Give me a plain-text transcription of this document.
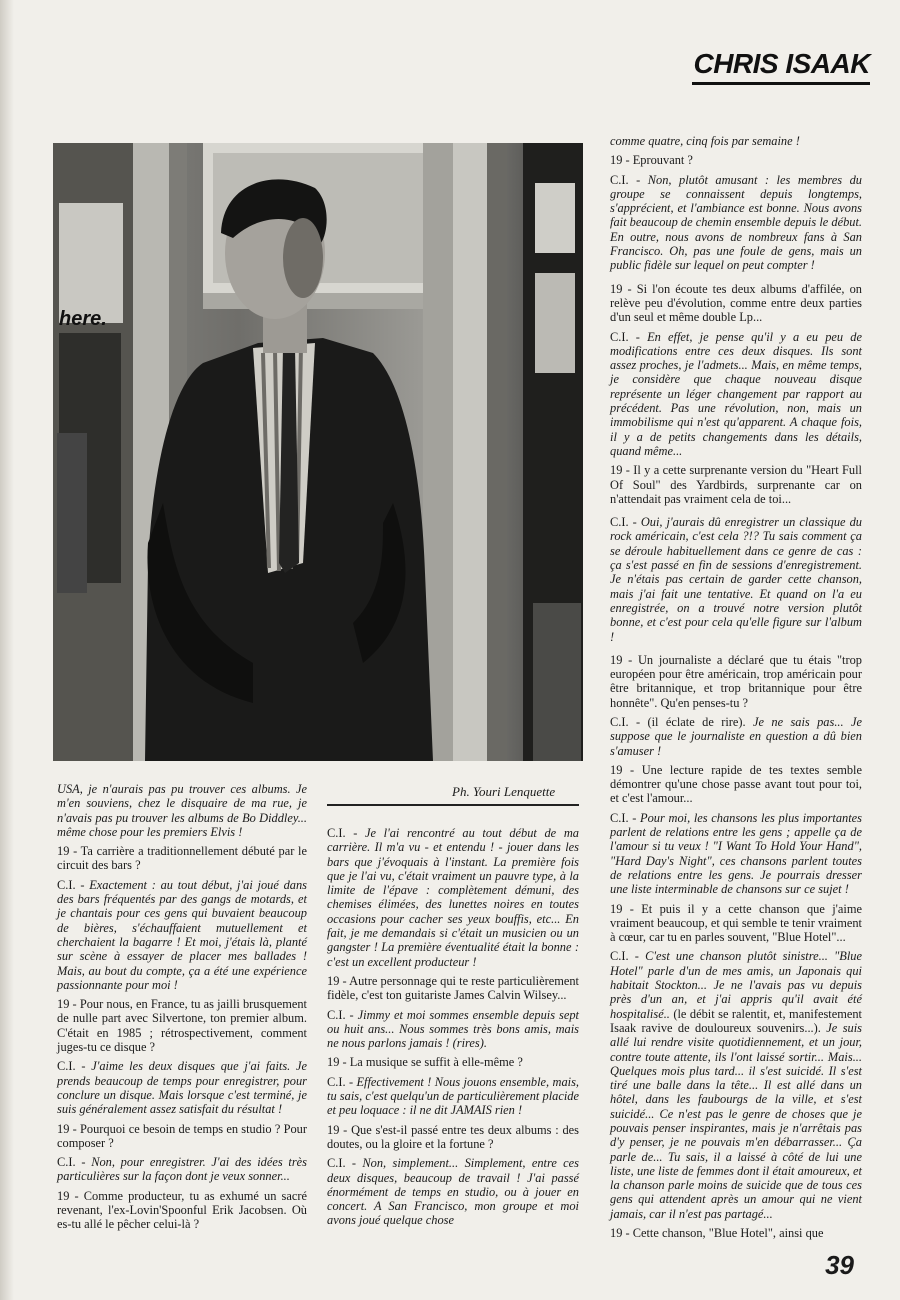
CHRIS ISAAK
here.
Ph. Youri Lenquette

USA, je n'aurais pas pu trouver ces albums. Je m'en souviens, chez le disquaire de ma rue, je n'avais pas pu trouver les albums de Bo Diddley... même chose pour les premiers Elvis !

19 - Ta carrière a traditionnellement débuté par le circuit des bars ?

C.I. - Exactement : au tout début, j'ai joué dans des bars fréquentés par des gangs de motards, et je chantais pour ces gens qui buvaient beaucoup de bières, s'échauffaient mutuellement et cherchaient la bagarre ! Et moi, j'étais là, planté sur scène à essayer de placer mes ballades ! Mais, au bout du compte, ça a été une expérience passionnante pour moi !

19 - Pour nous, en France, tu as jailli brusquement de nulle part avec Silvertone, ton premier album. C'était en 1985 ; rétrospectivement, comment juges-tu ce disque ?

C.I. - J'aime les deux disques que j'ai faits. Je prends beaucoup de temps pour enregistrer, pour conclure un disque. Mais lorsque c'est terminé, je suis généralement assez satisfait du résultat !

19 - Pourquoi ce besoin de temps en studio ? Pour composer ?

C.I. - Non, pour enregistrer. J'ai des idées très particulières sur la façon dont je veux sonner...

19 - Comme producteur, tu as exhumé un sacré revenant, l'ex-Lovin'Spoonful Erik Jacobsen. Où es-tu allé le pêcher celui-là ?

C.I. - Je l'ai rencontré au tout début de ma carrière. Il m'a vu - et entendu ! - jouer dans les bars que j'évoquais à l'instant. La première fois que je l'ai vu, c'était vraiment un pauvre type, à la limite de l'épave : complètement démuni, des chemises élimées, des lunettes noires en toutes occasions pour cacher ses yeux bouffis, etc... En fait, je me demandais si c'était un musicien ou un gangster ! La première éventualité était la bonne : c'est un excellent producteur !

19 - Autre personnage qui te reste particulièrement fidèle, c'est ton guitariste James Calvin Wilsey...

C.I. - Jimmy et moi sommes ensemble depuis sept ou huit ans... Nous sommes très bons amis, mais ne nous parlons jamais ! (rires).

19 - La musique se suffit à elle-même ?

C.I. - Effectivement ! Nous jouons ensemble, mais, tu sais, c'est quelqu'un de particulièrement placide et peu loquace : il ne dit JAMAIS rien !

19 - Que s'est-il passé entre tes deux albums : des doutes, ou la gloire et la fortune ?

C.I. - Non, simplement... Simplement, entre ces deux disques, beaucoup de travail ! J'ai passé énormément de temps en studio, ou à jouer en concert. A San Francisco, mon groupe et moi avons joué quelque chose

comme quatre, cinq fois par semaine !

19 - Eprouvant ?

C.I. - Non, plutôt amusant : les membres du groupe se connaissent depuis longtemps, s'apprécient, et l'ambiance est bonne. Nous avons fait beaucoup de chemin ensemble depuis le début. En outre, nous avons de nombreux fans à San Francisco. Oh, pas une foule de gens, mais un public fidèle sur lequel on peut compter !

19 - Si l'on écoute tes deux albums d'affilée, on relève peu d'évolution, comme entre deux parties d'un seul et même double Lp...

C.I. - En effet, je pense qu'il y a eu peu de modifications entre ces deux disques. Ils sont assez proches, je l'admets... Mais, en même temps, je considère que chaque nouveau disque représente un léger changement par rapport au précédent. Pas une révolution, non, mais un immobilisme qui n'est qu'apparent. A chaque fois, il y a de petits changements dans les détails, quand même...

19 - Il y a cette surprenante version du "Heart Full Of Soul" des Yardbirds, surprenante car on n'attendait pas vraiment cela de toi...

C.I. - Oui, j'aurais dû enregistrer un classique du rock américain, c'est cela ?!? Tu sais comment ça se déroule habituellement dans ce genre de cas : ça s'est passé en fin de sessions d'enregistrement. Je n'étais pas certain de garder cette chanson, mais j'ai fait une tentative. Et quand on l'a eu enregistrée, on a trouvé notre version plutôt bonne, et c'est pour cela qu'elle figure sur l'album !

19 - Un journaliste a déclaré que tu étais "trop européen pour être américain, trop américain pour être britannique, et trop britannique pour être honnête". Qu'en penses-tu ?

C.I. - (il éclate de rire). Je ne sais pas... Je suppose que le journaliste en question a dû bien s'amuser !

19 - Une lecture rapide de tes textes semble démontrer qu'une chose passe avant tout pour toi, et c'est l'amour...

C.I. - Pour moi, les chansons les plus importantes parlent de relations entre les gens ; appelle ça de l'amour si tu veux ! "I Want To Hold Your Hand", "Hard Day's Night", ces chansons parlent toutes de relations entre les gens. Je pourrais dresser une liste interminable de chansons sur ce sujet !

19 - Et puis il y a cette chanson que j'aime vraiment beaucoup, et qui semble te tenir vraiment à cœur, car tu en parles souvent, "Blue Hotel"...

C.I. - C'est une chanson plutôt sinistre... "Blue Hotel" parle d'un de mes amis, un Japonais qui habitait Stockton... Je ne l'avais pas vu depuis près d'un an, et j'ai appris qu'il avait été hospitalisé.. (le débit se ralentit, et, manifestement Isaak ravive de douloureux souvenirs...). Je suis allé lui rendre visite quotidiennement, et un jour, contre toute attente, ils l'ont laissé sortir... Mais... Quelques mois plus tard... il s'est suicidé. Il s'est tiré une balle dans la tête... Il est allé dans un hôtel, dans les faubourgs de la ville, et s'est suicidé... Ce n'est pas le genre de choses que je pouvais penser inspirantes, mais je n'arrêtais pas d'y penser, je ne pouvais m'en débarrasser... Ça parle de... Tu sais, il a laissé à côté de lui une liste, une liste de femmes dont il était amoureux, et la chanson parle moins de suicide que de tous ces gens qui attendent après un amour qui ne vient jamais, car il n'est pas partagé...

19 - Cette chanson, "Blue Hotel", ainsi que

39
